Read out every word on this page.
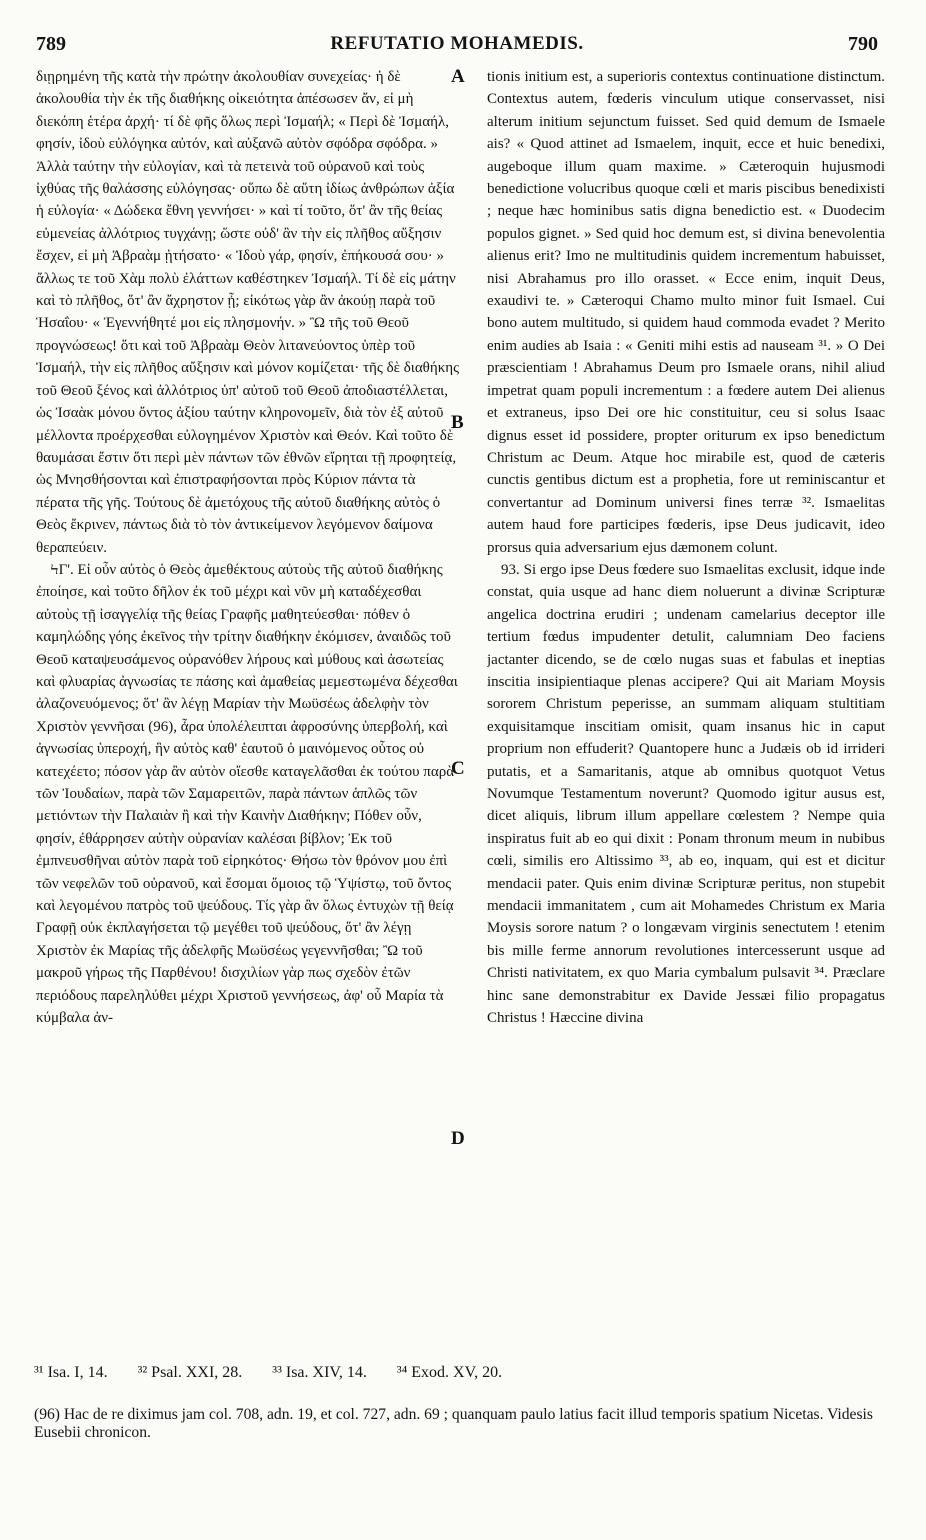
789	REFUTATIO MOHAMEDIS.	790

διῃρημένη τῆς κατὰ τὴν πρώτην ἀκολουθίαν συνεχείας· ἡ δὲ ἀκολουθία τὴν ἐκ τῆς διαθήκης οἰκειότητα ἀπέσωσεν ἄν, εἰ μὴ διεκόπη ἑτέρα ἀρχή· τί δὲ φῆς ὅλως περὶ Ἰσμαήλ; « Περὶ δὲ Ἰσμαήλ, φησίν, ἰδοὺ εὐλόγηκα αὐτόν, καὶ αὐξανῶ αὐτὸν σφόδρα σφόδρα. » Ἀλλὰ ταύτην τὴν εὐλογίαν, καὶ τὰ πετεινὰ τοῦ οὐρανοῦ καὶ τοὺς ἰχθύας τῆς θαλάσσης εὐλόγησας· οὕπω δὲ αὕτη ἰδίως ἀνθρώπων ἀξία ἡ εὐλογία· « Δώδεκα ἔθνη γεννήσει· » καὶ τί τοῦτο, ὅτ' ἂν τῆς θείας εὐμενείας ἀλλότριος τυγχάνῃ; ὥστε οὐδ' ἂν τὴν εἰς πλῆθος αὔξησιν ἔσχεν, εἰ μὴ Ἀβραὰμ ᾐτήσατο· « Ἰδοὺ γάρ, φησίν, ἐπήκουσά σου· » ἄλλως τε τοῦ Χὰμ πολὺ ἐλάττων καθέστηκεν Ἰσμαήλ. Τί δὲ εἰς μάτην καὶ τὸ πλῆθος, ὅτ' ἂν ἄχρηστον ᾖ; εἰκότως γὰρ ἂν ἀκούῃ παρὰ τοῦ Ἡσαΐου· « Ἐγεννήθητέ μοι εἰς πλησμονήν. » Ὢ τῆς τοῦ Θεοῦ προγνώσεως! ὅτι καὶ τοῦ Ἀβραὰμ Θεὸν λιτανεύοντος ὑπὲρ τοῦ Ἰσμαήλ, τὴν εἰς πλῆθος αὔξησιν καὶ μόνον κομίζεται· τῆς δὲ διαθήκης τοῦ Θεοῦ ξένος καὶ ἀλλότριος ὑπ' αὐτοῦ τοῦ Θεοῦ ἀποδιαστέλλεται, ὡς Ἰσαὰκ μόνου ὄντος ἀξίου ταύτην κληρονομεῖν, διὰ τὸν ἐξ αὐτοῦ μέλλοντα προέρχεσθαι εὐλογημένον Χριστὸν καὶ Θεόν. Καὶ τοῦτο δὲ θαυμάσαι ἔστιν ὅτι περὶ μὲν πάντων τῶν ἐθνῶν εἴρηται τῇ προφητείᾳ, ὡς Μνησθήσονται καὶ ἐπιστραφήσονται πρὸς Κύριον πάντα τὰ πέρατα τῆς γῆς. Τούτους δὲ ἀμετόχους τῆς αὐτοῦ διαθήκης αὐτὸς ὁ Θεὸς ἔκρινεν, πάντως διὰ τὸ τὸν ἀντικείμενον λεγόμενον δαίμονα θεραπεύειν.

ϞΓ'. Εἰ οὖν αὐτὸς ὁ Θεὸς ἀμεθέκτους αὐτοὺς τῆς αὐτοῦ διαθήκης ἐποίησε, καὶ τοῦτο δῆλον ἐκ τοῦ μέχρι καὶ νῦν μὴ καταδέχεσθαι αὐτοὺς τῇ ἰσαγγελίᾳ τῆς θείας Γραφῆς μαθητεύεσθαι· πόθεν ὁ καμηλώδης γόης ἐκεῖνος τὴν τρίτην διαθήκην ἐκόμισεν, ἀναιδῶς τοῦ Θεοῦ καταψευσάμενος οὐρανόθεν λήρους καὶ μύθους καὶ ἀσωτείας καὶ φλυαρίας ἀγνωσίας τε πάσης καὶ ἀμαθείας μεμεστωμένα δέχεσθαι ἀλαζονευόμενος; ὅτ' ἂν λέγῃ Μαρίαν τὴν Μωϋσέως ἀδελφὴν τὸν Χριστὸν γεννῆσαι (96), ἆρα ὑπολέλειπται ἀφροσύνης ὑπερβολή, καὶ ἀγνωσίας ὑπεροχή, ἣν αὐτὸς καθ' ἑαυτοῦ ὁ μαινόμενος οὗτος οὐ κατεχέετο; πόσον γὰρ ἂν αὐτὸν οἴεσθε καταγελᾶσθαι ἐκ τούτου παρὰ τῶν Ἰουδαίων, παρὰ τῶν Σαμαρειτῶν, παρὰ πάντων ἁπλῶς τῶν μετιόντων τὴν Παλαιὰν ἢ καὶ τὴν Καινὴν Διαθήκην; Πόθεν οὖν, φησίν, ἐθάρρησεν αὐτὴν οὐρανίαν καλέσαι βίβλον; Ἐκ τοῦ ἐμπνευσθῆναι αὐτὸν παρὰ τοῦ εἰρηκότος· Θήσω τὸν θρόνον μου ἐπὶ τῶν νεφελῶν τοῦ οὐρανοῦ, καὶ ἔσομαι ὅμοιος τῷ Ὑψίστῳ, τοῦ ὄντος καὶ λεγομένου πατρὸς τοῦ ψεύδους. Τίς γὰρ ἂν ὅλως ἐντυχὼν τῇ θείᾳ Γραφῇ οὐκ ἐκπλαγήσεται τῷ μεγέθει τοῦ ψεύδους, ὅτ' ἂν λέγῃ Χριστὸν ἐκ Μαρίας τῆς ἀδελφῆς Μωϋσέως γεγεννῆσθαι; Ὢ τοῦ μακροῦ γήρως τῆς Παρθένου! δισχιλίων γὰρ πως σχεδὸν ἐτῶν περιόδους παρεληλύθει μέχρι Χριστοῦ γεννήσεως, ἀφ' οὗ Μαρία τὰ κύμβαλα ἀν-

A
B
C
D

tionis initium est, a superioris contextus continuatione distinctum. Contextus autem, fœderis vinculum utique conservasset, nisi alterum initium sejunctum fuisset. Sed quid demum de Ismaele ais? « Quod attinet ad Ismaelem, inquit, ecce et huic benedixi, augeboque illum quam maxime. » Cæteroquin hujusmodi benedictione volucribus quoque cœli et maris piscibus benedixisti ; neque hæc hominibus satis digna benedictio est. « Duodecim populos gignet. » Sed quid hoc demum est, si divina benevolentia alienus erit? Imo ne multitudinis quidem incrementum habuisset, nisi Abrahamus pro illo orasset. « Ecce enim, inquit Deus, exaudivi te. » Cæteroqui Chamo multo minor fuit Ismael. Cui bono autem multitudo, si quidem haud commoda evadet ? Merito enim audies ab Isaia : « Geniti mihi estis ad nauseam ³¹. » O Dei præscientiam ! Abrahamus Deum pro Ismaele orans, nihil aliud impetrat quam populi incrementum : a fœdere autem Dei alienus et extraneus, ipso Dei ore hic constituitur, ceu si solus Isaac dignus esset id possidere, propter oriturum ex ipso benedictum Christum ac Deum. Atque hoc mirabile est, quod de cæteris cunctis gentibus dictum est a prophetia, fore ut reminiscantur et convertantur ad Dominum universi fines terræ ³². Ismaelitas autem haud fore participes fœderis, ipse Deus judicavit, ideo prorsus quia adversarium ejus dæmonem colunt.

93. Si ergo ipse Deus fœdere suo Ismaelitas exclusit, idque inde constat, quia usque ad hanc diem noluerunt a divinæ Scripturæ angelica doctrina erudiri ; undenam camelarius deceptor ille tertium fœdus impudenter detulit, calumniam Deo faciens jactanter dicendo, se de cœlo nugas suas et fabulas et ineptias inscitia insipientiaque plenas accipere? Qui ait Mariam Moysis sororem Christum peperisse, an summam aliquam stultitiam exquisitamque inscitiam omisit, quam insanus hic in caput proprium non effuderit? Quantopere hunc a Judæis ob id irrideri putatis, et a Samaritanis, atque ab omnibus quotquot Vetus Novumque Testamentum noverunt? Quomodo igitur ausus est, dicet aliquis, librum illum appellare cœlestem ? Nempe quia inspiratus fuit ab eo qui dixit : Ponam thronum meum in nubibus cœli, similis ero Altissimo ³³, ab eo, inquam, qui est et dicitur mendacii pater. Quis enim divinæ Scripturæ peritus, non stupebit mendacii immanitatem , cum ait Mohamedes Christum ex Maria Moysis sorore natum ? o longævam virginis senectutem ! etenim bis mille ferme annorum revolutiones intercesserunt usque ad Christi nativitatem, ex quo Maria cymbalum pulsavit ³⁴. Præclare hinc sane demonstrabitur ex Davide Jessæi filio propagatus Christus ! Hæccine divina

³¹ Isa. I, 14. ³² Psal. XXI, 28. ³³ Isa. XIV, 14. ³⁴ Exod. XV, 20.
(96) Hac de re diximus jam col. 708, adn. 19, et col. 727, adn. 69 ; quanquam paulo latius facit illud temporis spatium Nicetas. Videsis Eusebii chronicon.
